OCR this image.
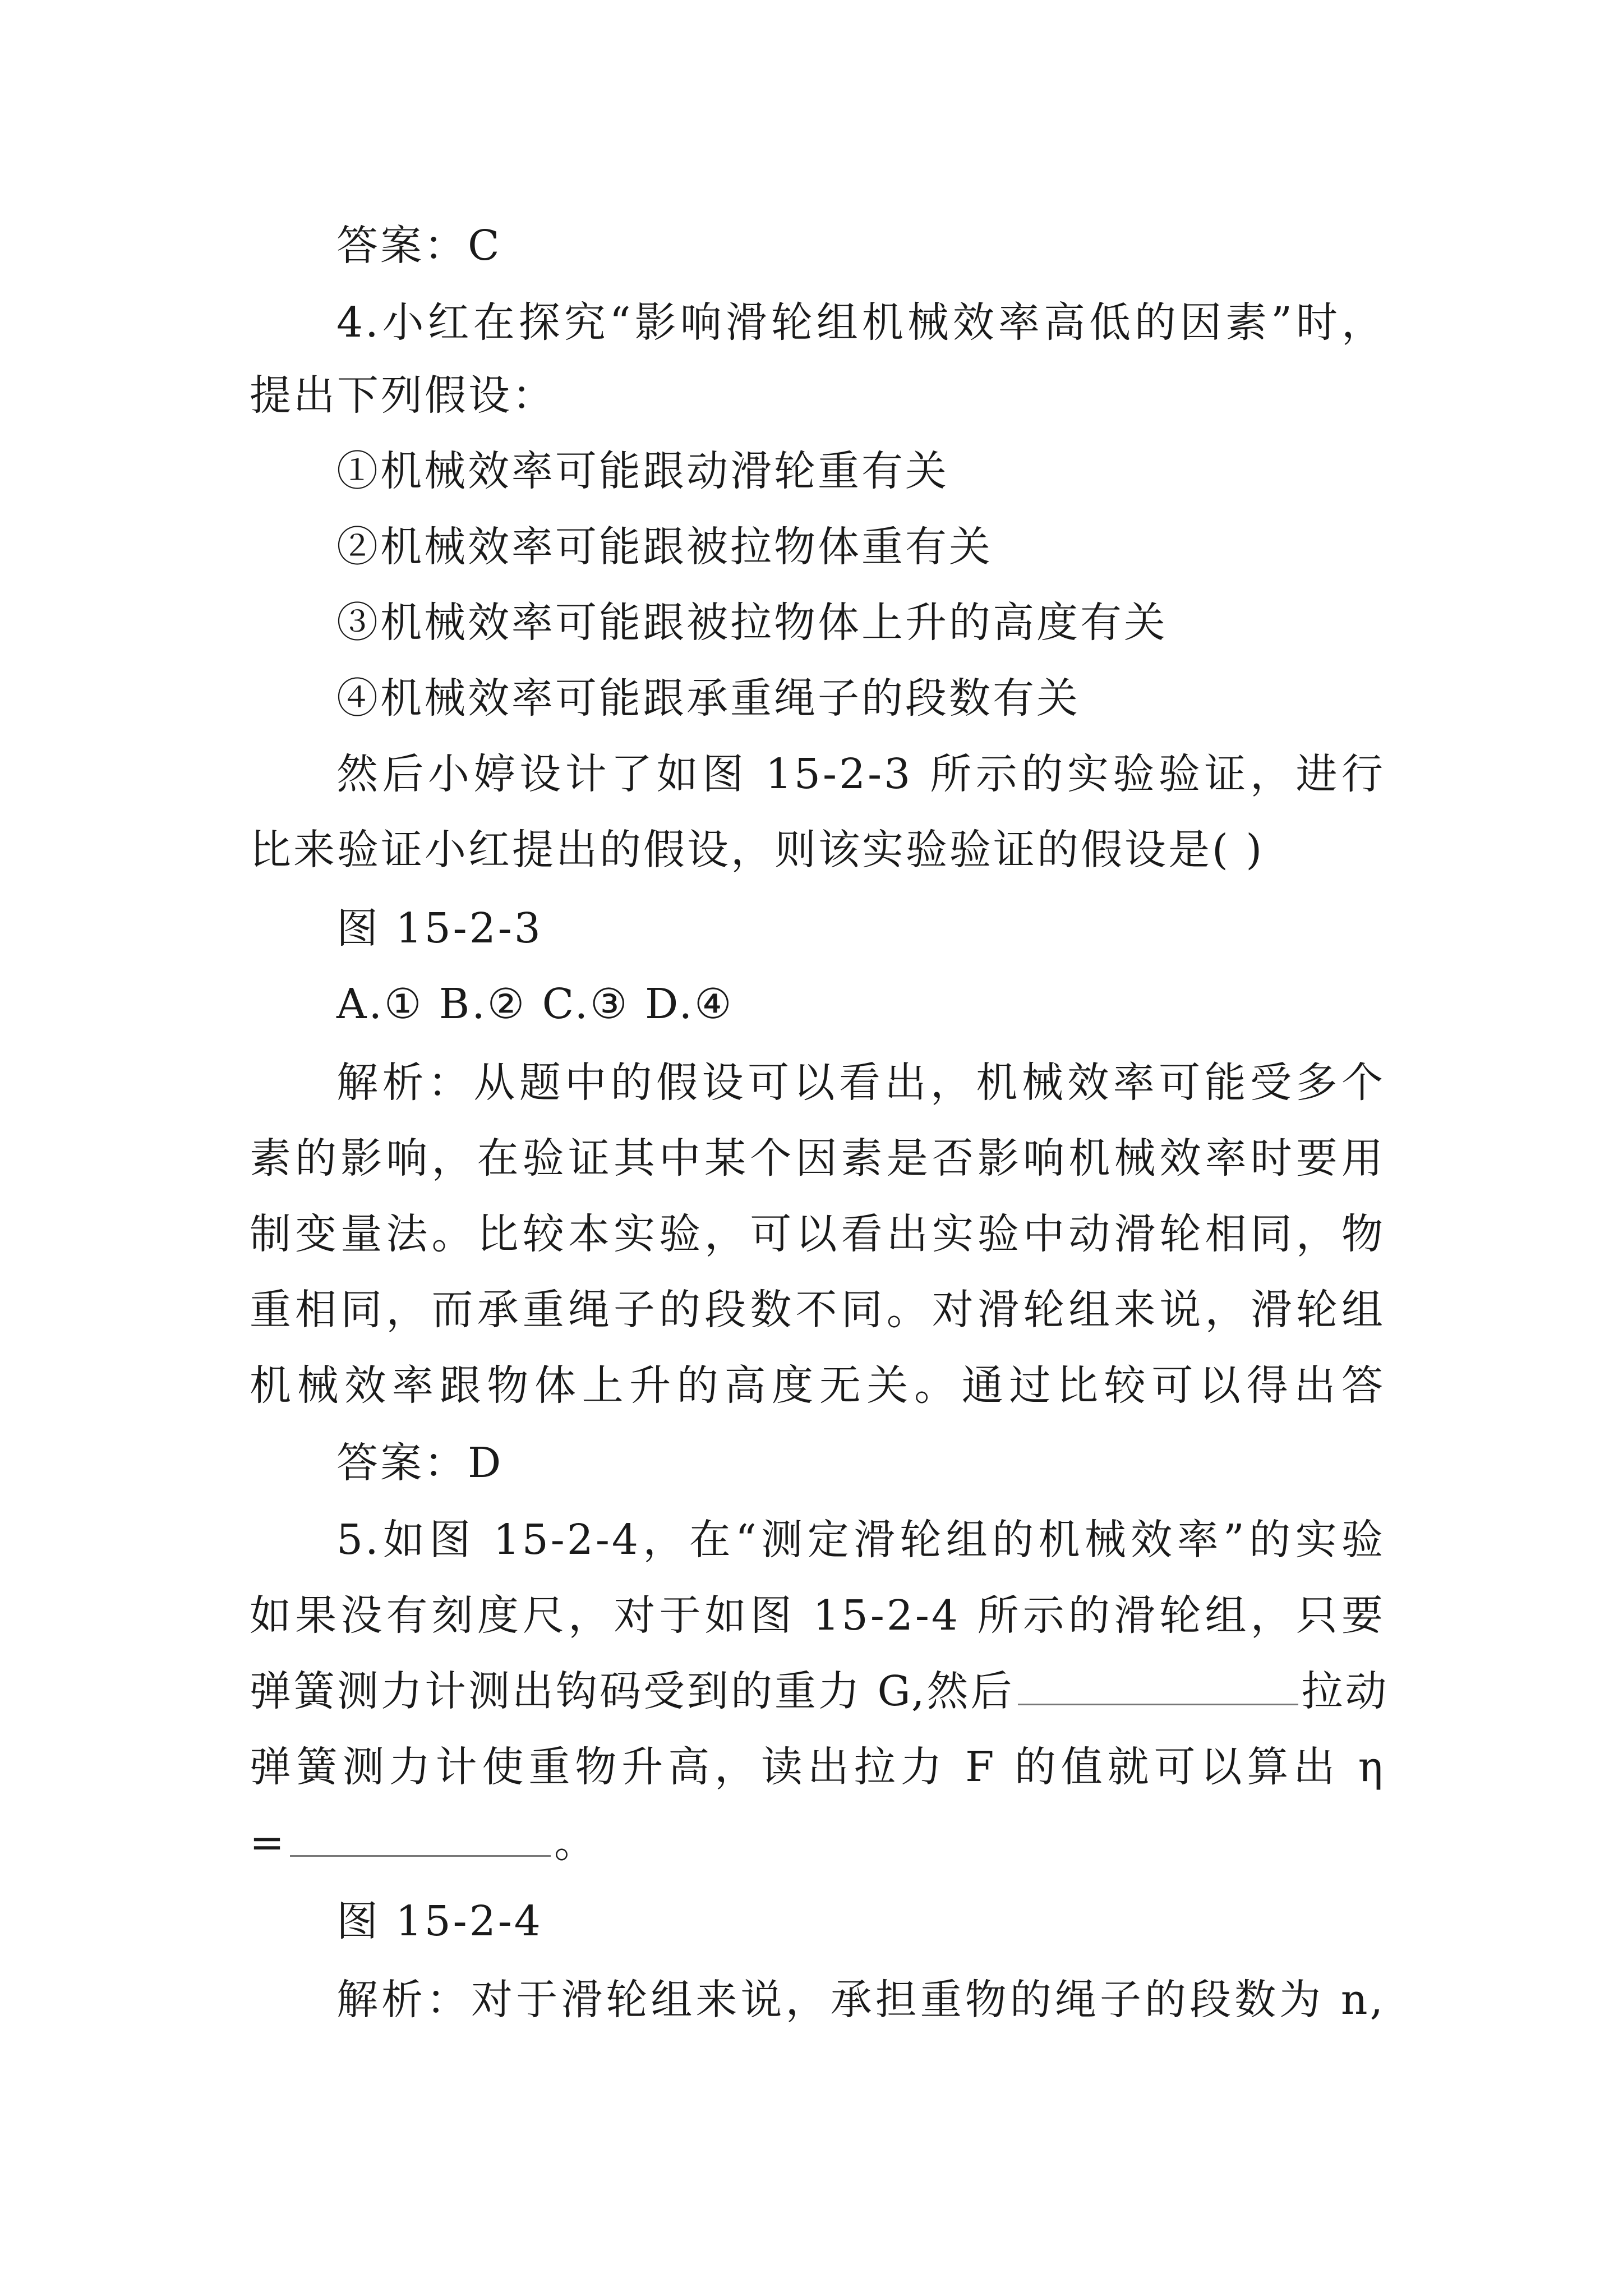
答案：C
4.小红在探究“影响滑轮组机械效率高低的因素”时，
提出下列假设：
①机械效率可能跟动滑轮重有关
②机械效率可能跟被拉物体重有关
③机械效率可能跟被拉物体上升的高度有关
④机械效率可能跟承重绳子的段数有关
然后小婷设计了如图 15-2-3 所示的实验验证，进行
比来验证小红提出的假设，则该实验验证的假设是( )
图 15-2-3
A.① B.② C.③ D.④
解析：从题中的假设可以看出，机械效率可能受多个
素的影响，在验证其中某个因素是否影响机械效率时要用
制变量法。比较本实验，可以看出实验中动滑轮相同，物
重相同，而承重绳子的段数不同。对滑轮组来说，滑轮组
机械效率跟物体上升的高度无关。通过比较可以得出答
答案：D
5.如图 15-2-4，在“测定滑轮组的机械效率”的实验
如果没有刻度尺，对于如图 15-2-4 所示的滑轮组，只要
弹簧测力计测出钩码受到的重力 G,然后	拉动
弹簧测力计使重物升高，读出拉力 F 的值就可以算出 η
=	。
图 15-2-4
解析：对于滑轮组来说，承担重物的绳子的段数为 n,
